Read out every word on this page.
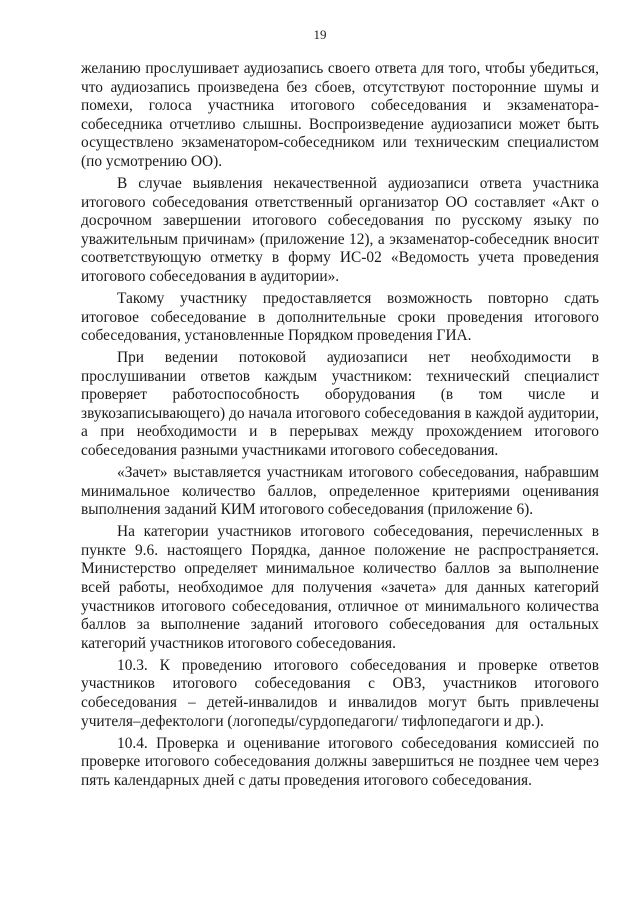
19

желанию прослушивает аудиозапись своего ответа для того, чтобы убедиться, что аудиозапись произведена без сбоев, отсутствуют посторонние шумы и помехи, голоса участника итогового собеседования и экзаменатора-собеседника отчетливо слышны. Воспроизведение аудиозаписи может быть осуществлено экзаменатором-собеседником или техническим специалистом (по усмотрению ОО).

В случае выявления некачественной аудиозаписи ответа участника итогового собеседования ответственный организатор ОО составляет «Акт о досрочном завершении итогового собеседования по русскому языку по уважительным причинам» (приложение 12), а экзаменатор-собеседник вносит соответствующую отметку в форму ИС-02 «Ведомость учета проведения итогового собеседования в аудитории».

Такому участнику предоставляется возможность повторно сдать итоговое собеседование в дополнительные сроки проведения итогового собеседования, установленные Порядком проведения ГИА.

При ведении потоковой аудиозаписи нет необходимости в прослушивании ответов каждым участником: технический специалист проверяет работоспособность оборудования (в том числе и звукозаписывающего) до начала итогового собеседования в каждой аудитории, а при необходимости и в перерывах между прохождением итогового собеседования разными участниками итогового собеседования.

«Зачет» выставляется участникам итогового собеседования, набравшим минимальное количество баллов, определенное критериями оценивания выполнения заданий КИМ итогового собеседования (приложение 6).

На категории участников итогового собеседования, перечисленных в пункте 9.6. настоящего Порядка, данное положение не распространяется. Министерство определяет минимальное количество баллов за выполнение всей работы, необходимое для получения «зачета» для данных категорий участников итогового собеседования, отличное от минимального количества баллов за выполнение заданий итогового собеседования для остальных категорий участников итогового собеседования.

10.3. К проведению итогового собеседования и проверке ответов участников итогового собеседования с ОВЗ, участников итогового собеседования – детей-инвалидов и инвалидов могут быть привлечены учителя–дефектологи (логопеды/сурдопедагоги/ тифлопедагоги и др.).

10.4. Проверка и оценивание итогового собеседования комиссией по проверке итогового собеседования должны завершиться не позднее чем через пять календарных дней с даты проведения итогового собеседования.
